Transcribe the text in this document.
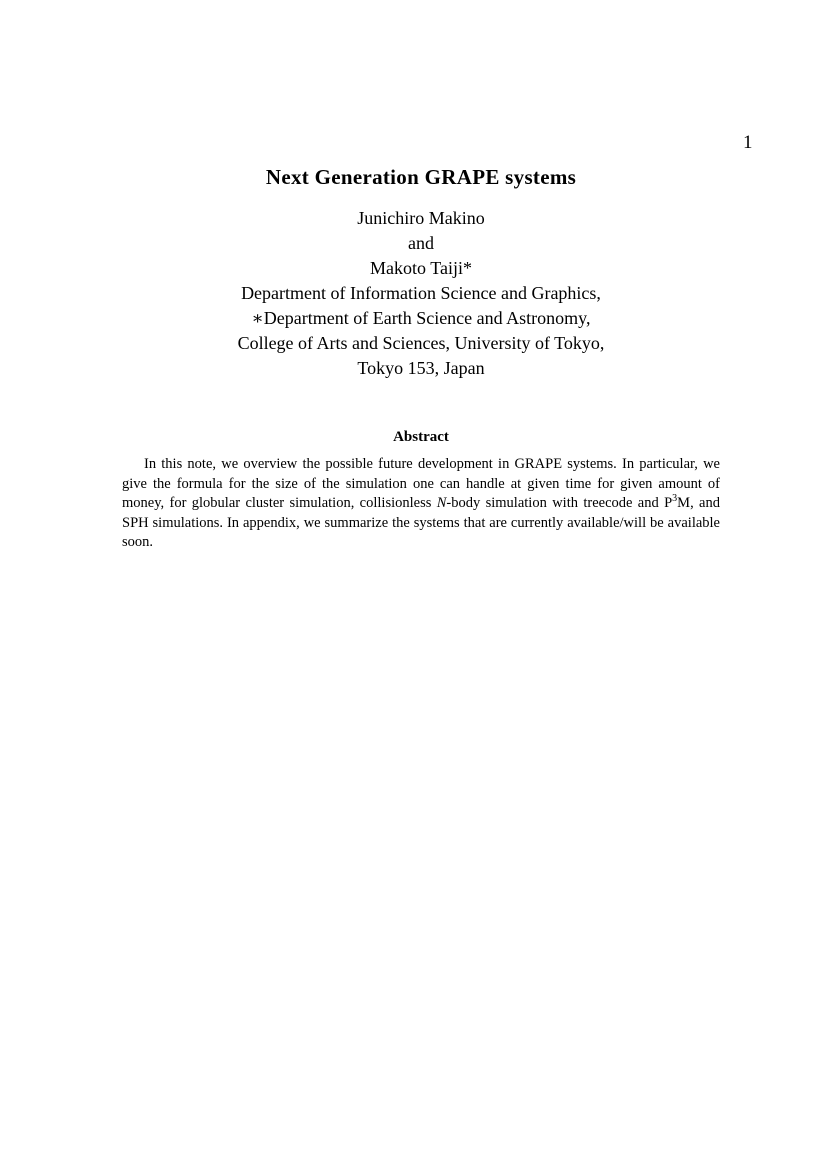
1
Next Generation GRAPE systems
Junichiro Makino
and
Makoto Taiji*
Department of Information Science and Graphics,
∗Department of Earth Science and Astronomy,
College of Arts and Sciences, University of Tokyo,
Tokyo 153, Japan
Abstract

In this note, we overview the possible future development in GRAPE systems. In particular, we give the formula for the size of the simulation one can handle at given time for given amount of money, for globular cluster simulation, collisionless N-body simulation with treecode and $P^3M$, and SPH simulations. In appendix, we summarize the systems that are currently available/will be available soon.
